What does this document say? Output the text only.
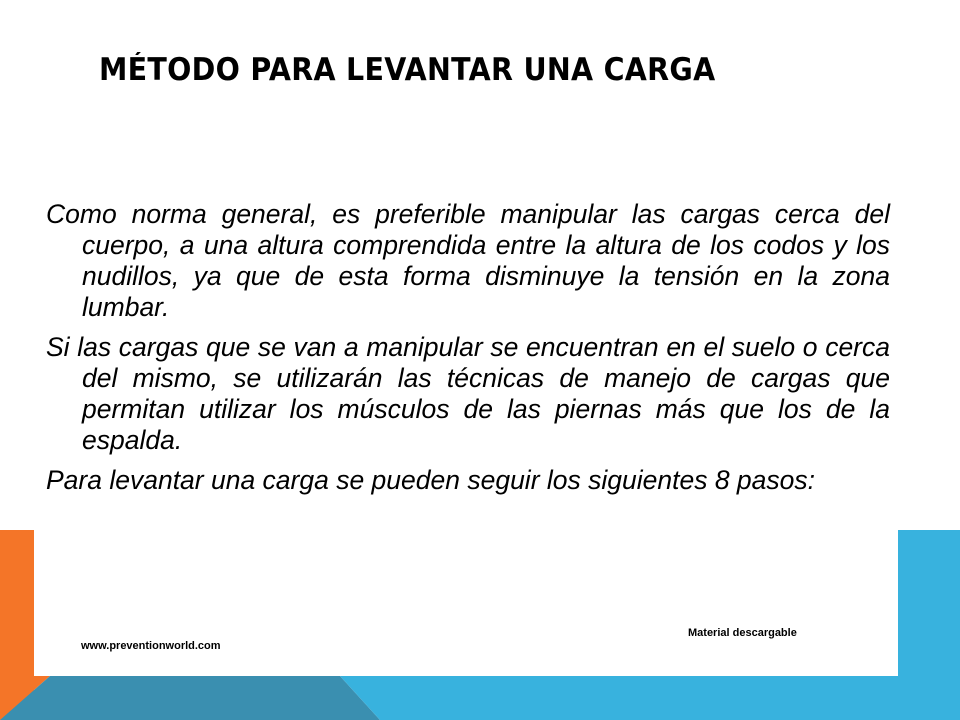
MÉTODO PARA LEVANTAR UNA CARGA

Como norma general, es preferible manipular las cargas cerca del cuerpo, a una altura comprendida entre la altura de los codos y los nudillos, ya que de esta forma disminuye la tensión en la zona lumbar.

Si las cargas que se van a manipular se encuentran en el suelo o cerca del mismo, se utilizarán las técnicas de manejo de cargas que permitan utilizar los músculos de las piernas más que los de la espalda.

Para levantar una carga se pueden seguir los siguientes 8 pasos:

Material descargable
www.preventionworld.com
